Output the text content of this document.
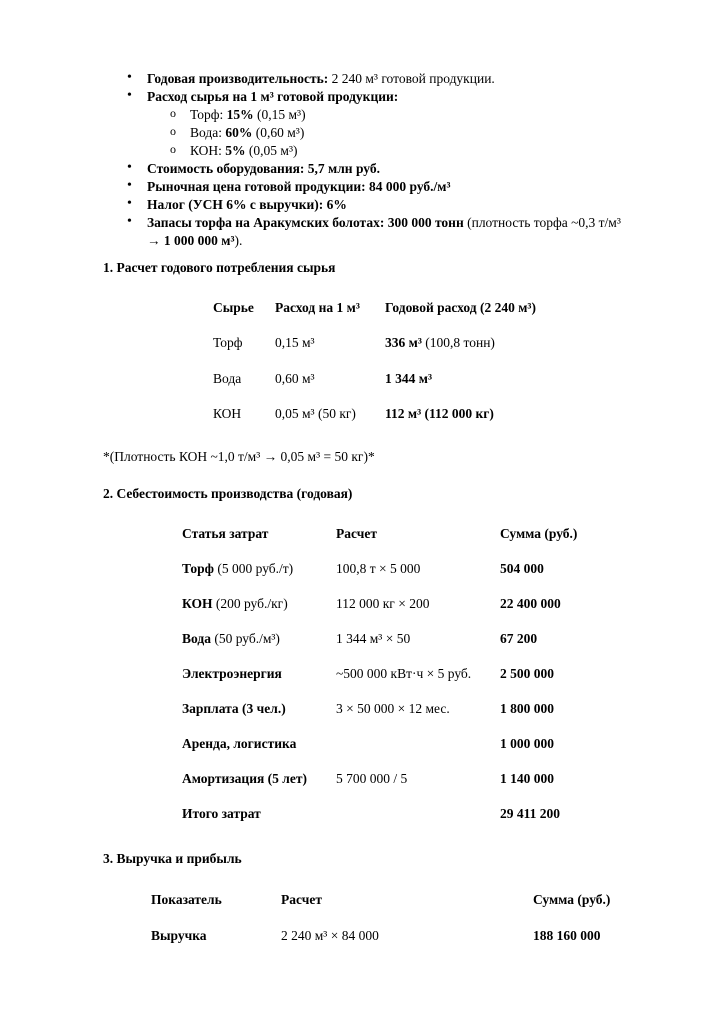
• Годовая производительность: 2 240 м³ готовой продукции.
• Расход сырья на 1 м³ готовой продукции:
o Торф: 15% (0,15 м³)
o Вода: 60% (0,60 м³)
o КОН: 5% (0,05 м³)
• Стоимость оборудования: 5,7 млн руб.
• Рыночная цена готовой продукции: 84 000 руб./м³
• Налог (УСН 6% с выручки): 6%
• Запасы торфа на Аракумских болотах: 300 000 тонн (плотность торфа ~0,3 т/м³
→ 1 000 000 м³).
1. Расчет годового потребления сырья
Сырье	Расход на 1 м³	Годовой расход (2 240 м³)
Торф	0,15 м³	336 м³ (100,8 тонн)
Вода	0,60 м³	1 344 м³
КОН	0,05 м³ (50 кг)	112 м³ (112 000 кг)
*(Плотность КОН ~1,0 т/м³ → 0,05 м³ = 50 кг)*
2. Себестоимость производства (годовая)
Статья затрат	Расчет	Сумма (руб.)
Торф (5 000 руб./т)	100,8 т × 5 000	504 000
КОН (200 руб./кг)	112 000 кг × 200	22 400 000
Вода (50 руб./м³)	1 344 м³ × 50	67 200
Электроэнергия	~500 000 кВт·ч × 5 руб.	2 500 000
Зарплата (3 чел.)	3 × 50 000 × 12 мес.	1 800 000
Аренда, логистика		1 000 000
Амортизация (5 лет)	5 700 000 / 5	1 140 000
Итого затрат		29 411 200
3. Выручка и прибыль
Показатель	Расчет	Сумма (руб.)
Выручка	2 240 м³ × 84 000	188 160 000
